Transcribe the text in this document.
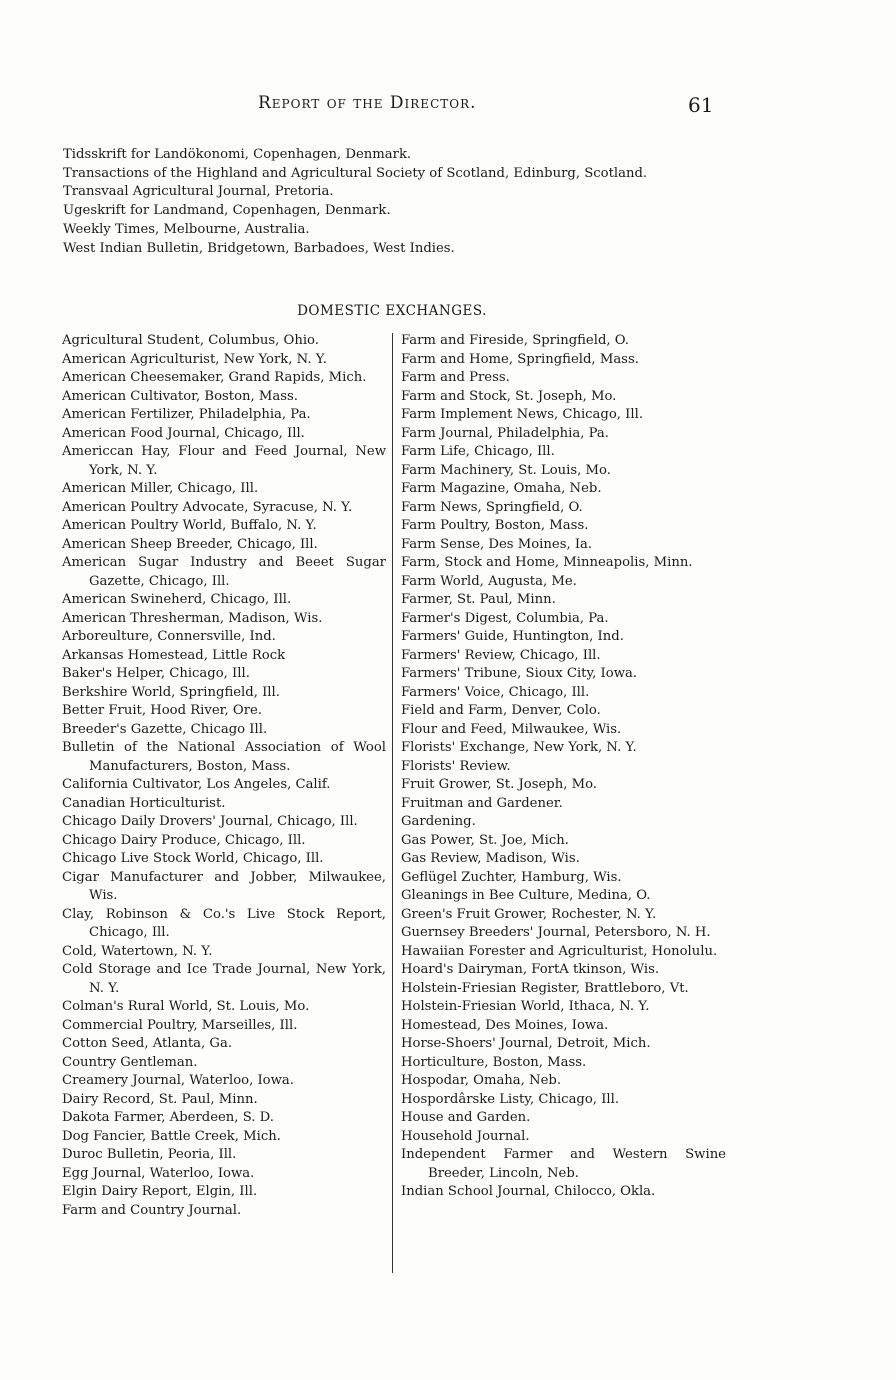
Report of the Director.	61
Tidsskrift for Landökonomi, Copenhagen, Denmark.
Transactions of the Highland and Agricultural Society of Scotland, Edinburg, Scotland.
Transvaal Agricultural Journal, Pretoria.
Ugeskrift for Landmand, Copenhagen, Denmark.
Weekly Times, Melbourne, Australia.
West Indian Bulletin, Bridgetown, Barbadoes, West Indies.
DOMESTIC EXCHANGES.
Agricultural Student, Columbus, Ohio.
American Agriculturist, New York, N. Y.
American Cheesemaker, Grand Rapids, Mich.
American Cultivator, Boston, Mass.
American Fertilizer, Philadelphia, Pa.
American Food Journal, Chicago, Ill.
Americcan Hay, Flour and Feed Journal, New York, N. Y.
American Miller, Chicago, Ill.
American Poultry Advocate, Syracuse, N. Y.
American Poultry World, Buffalo, N. Y.
American Sheep Breeder, Chicago, Ill.
American Sugar Industry and Beeet Sugar Gazette, Chicago, Ill.
American Swineherd, Chicago, Ill.
American Thresherman, Madison, Wis.
Arboreulture, Connersville, Ind.
Arkansas Homestead, Little Rock
Baker's Helper, Chicago, Ill.
Berkshire World, Springfield, Ill.
Better Fruit, Hood River, Ore.
Breeder's Gazette, Chicago Ill.
Bulletin of the National Association of Wool Manufacturers, Boston, Mass.
California Cultivator, Los Angeles, Calif.
Canadian Horticulturist.
Chicago Daily Drovers' Journal, Chicago, Ill.
Chicago Dairy Produce, Chicago, Ill.
Chicago Live Stock World, Chicago, Ill.
Cigar Manufacturer and Jobber, Milwaukee, Wis.
Clay, Robinson & Co.'s Live Stock Report, Chicago, Ill.
Cold, Watertown, N. Y.
Cold Storage and Ice Trade Journal, New York, N. Y.
Colman's Rural World, St. Louis, Mo.
Commercial Poultry, Marseilles, Ill.
Cotton Seed, Atlanta, Ga.
Country Gentleman.
Creamery Journal, Waterloo, Iowa.
Dairy Record, St. Paul, Minn.
Dakota Farmer, Aberdeen, S. D.
Dog Fancier, Battle Creek, Mich.
Duroc Bulletin, Peoria, Ill.
Egg Journal, Waterloo, Iowa.
Elgin Dairy Report, Elgin, Ill.
Farm and Country Journal.
Farm and Fireside, Springfield, O.
Farm and Home, Springfield, Mass.
Farm and Press.
Farm and Stock, St. Joseph, Mo.
Farm Implement News, Chicago, Ill.
Farm Journal, Philadelphia, Pa.
Farm Life, Chicago, Ill.
Farm Machinery, St. Louis, Mo.
Farm Magazine, Omaha, Neb.
Farm News, Springfield, O.
Farm Poultry, Boston, Mass.
Farm Sense, Des Moines, Ia.
Farm, Stock and Home, Minneapolis, Minn.
Farm World, Augusta, Me.
Farmer, St. Paul, Minn.
Farmer's Digest, Columbia, Pa.
Farmers' Guide, Huntington, Ind.
Farmers' Review, Chicago, Ill.
Farmers' Tribune, Sioux City, Iowa.
Farmers' Voice, Chicago, Ill.
Field and Farm, Denver, Colo.
Flour and Feed, Milwaukee, Wis.
Florists' Exchange, New York, N. Y.
Florists' Review.
Fruit Grower, St. Joseph, Mo.
Fruitman and Gardener.
Gardening.
Gas Power, St. Joe, Mich.
Gas Review, Madison, Wis.
Geflügel Zuchter, Hamburg, Wis.
Gleanings in Bee Culture, Medina, O.
Green's Fruit Grower, Rochester, N. Y.
Guernsey Breeders' Journal, Petersboro, N. H.
Hawaiian Forester and Agriculturist, Honolulu.
Hoard's Dairyman, FortA tkinson, Wis.
Holstein-Friesian Register, Brattleboro, Vt.
Holstein-Friesian World, Ithaca, N. Y.
Homestead, Des Moines, Iowa.
Horse-Shoers' Journal, Detroit, Mich.
Horticulture, Boston, Mass.
Hospodar, Omaha, Neb.
Hospordârske Listy, Chicago, Ill.
House and Garden.
Household Journal.
Independent Farmer and Western Swine Breeder, Lincoln, Neb.
Indian School Journal, Chilocco, Okla.
